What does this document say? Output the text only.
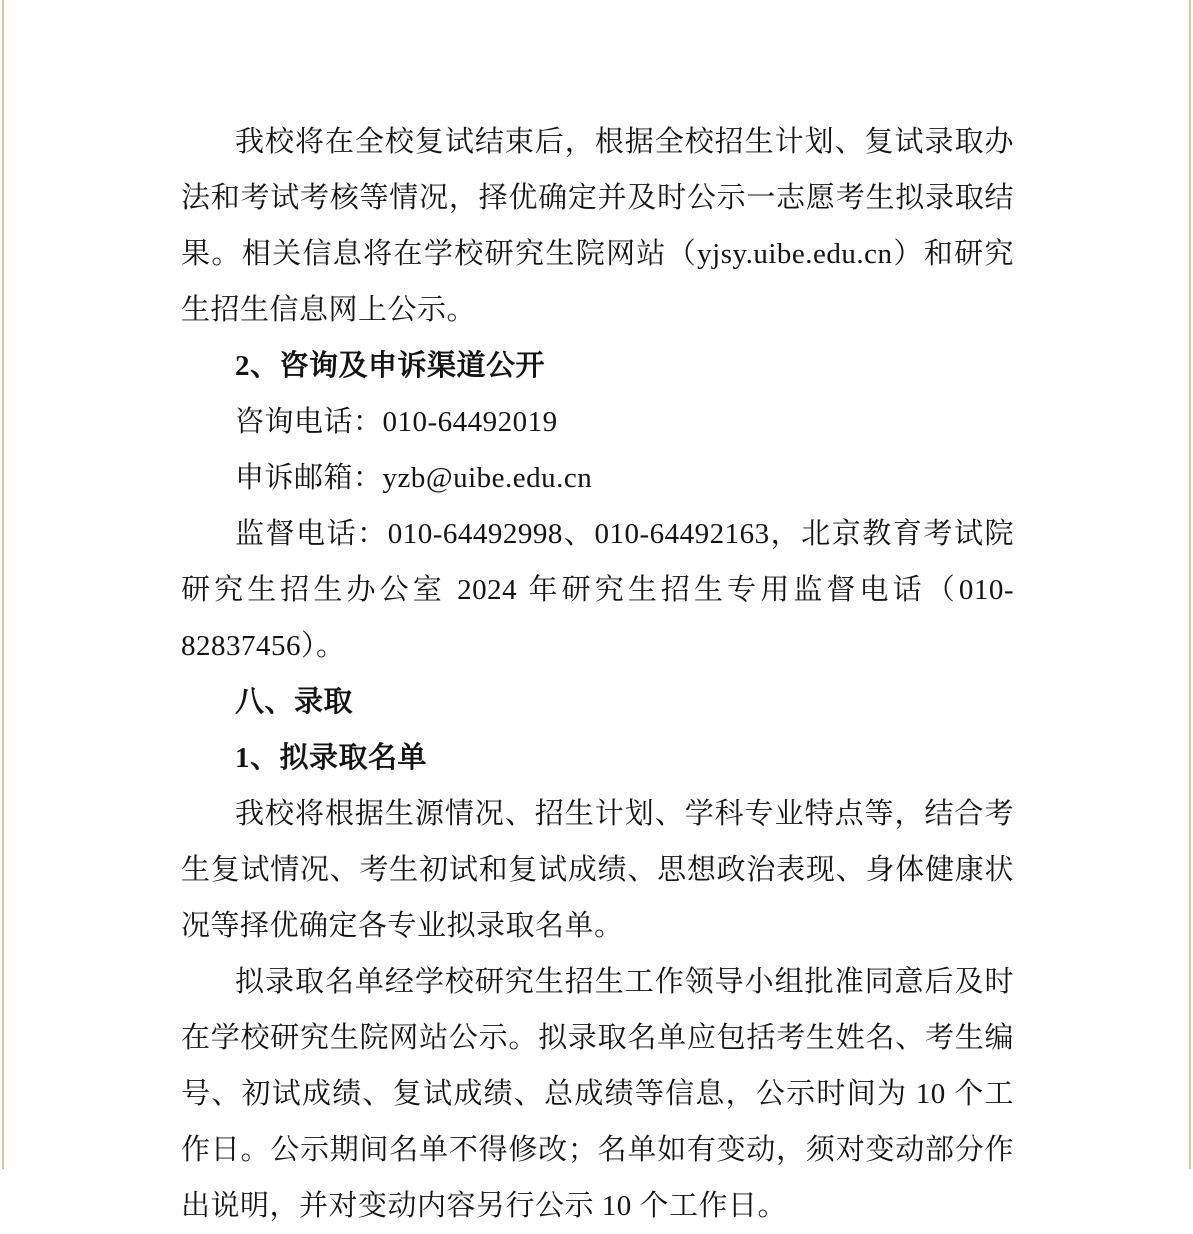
我校将在全校复试结束后，根据全校招生计划、复试录取办法和考试考核等情况，择优确定并及时公示一志愿考生拟录取结果。相关信息将在学校研究生院网站（yjsy.uibe.edu.cn）和研究生招生信息网上公示。

2、咨询及申诉渠道公开

咨询电话：010-64492019

申诉邮箱：yzb@uibe.edu.cn

监督电话：010-64492998、010-64492163，北京教育考试院研究生招生办公室 2024 年研究生招生专用监督电话（010-82837456）。

八、录取

1、拟录取名单

我校将根据生源情况、招生计划、学科专业特点等，结合考生复试情况、考生初试和复试成绩、思想政治表现、身体健康状况等择优确定各专业拟录取名单。

拟录取名单经学校研究生招生工作领导小组批准同意后及时在学校研究生院网站公示。拟录取名单应包括考生姓名、考生编号、初试成绩、复试成绩、总成绩等信息，公示时间为 10 个工作日。公示期间名单不得修改；名单如有变动，须对变动部分作出说明，并对变动内容另行公示 10 个工作日。
